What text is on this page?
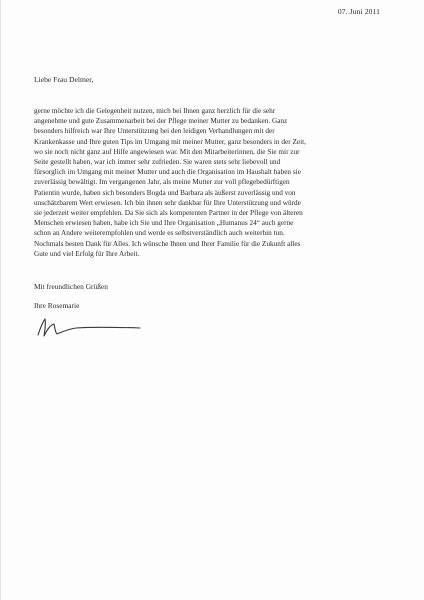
07. Juni 2011
Liebe Frau Delmer,
gerne möchte ich die Gelegenheit nutzen, mich bei Ihnen ganz herzlich für die sehr
angenehme und gute Zusammenarbeit bei der Pflege meiner Mutter zu bedanken. Ganz
besonders hilfreich war Ihre Unterstützung bei den leidigen Verhandlungen mit der
Krankenkasse und Ihre guten Tips im Umgang mit meiner Mutter, ganz besonders in der Zeit,
wo sie noch nicht ganz auf Hilfe angewiesen war. Mit den Mitarbeiterinnen, die Sie mir zur
Seite gestellt haben, war ich immer sehr zufrieden. Sie waren stets sehr liebevoll und
fürsorglich im Umgang mit meiner Mutter und auch die Organisation im Haushalt haben sie
zuverlässig bewältigt. Im vergangenen Jahr, als meine Mutter zur voll pflegebedürftigen
Patientin wurde, haben sich besonders Bogda und Barbara als äußerst zuverlässig und von
unschätzbarem Wert erwiesen. Ich bin ihnen sehr dankbar für Ihre Unterstützung und würde
sie jederzeit weiter empfehlen. Da Sie sich als kompetenten Partner in der Pflege von älteren
Menschen erwiesen haben, habe ich Sie und Ihre Organisation „Humanus 24“ auch gerne
schon an Andere weiterempfohlen und werde es selbstverständlich auch weiterhin tun.
Nochmals besten Dank für Alles. Ich wünsche Ihnen und Ihrer Familie für die Zukunft alles
Gute und viel Erfolg für Ihre Arbeit.
Mit freundlichen Grüßen
Ihre Rosemarie
